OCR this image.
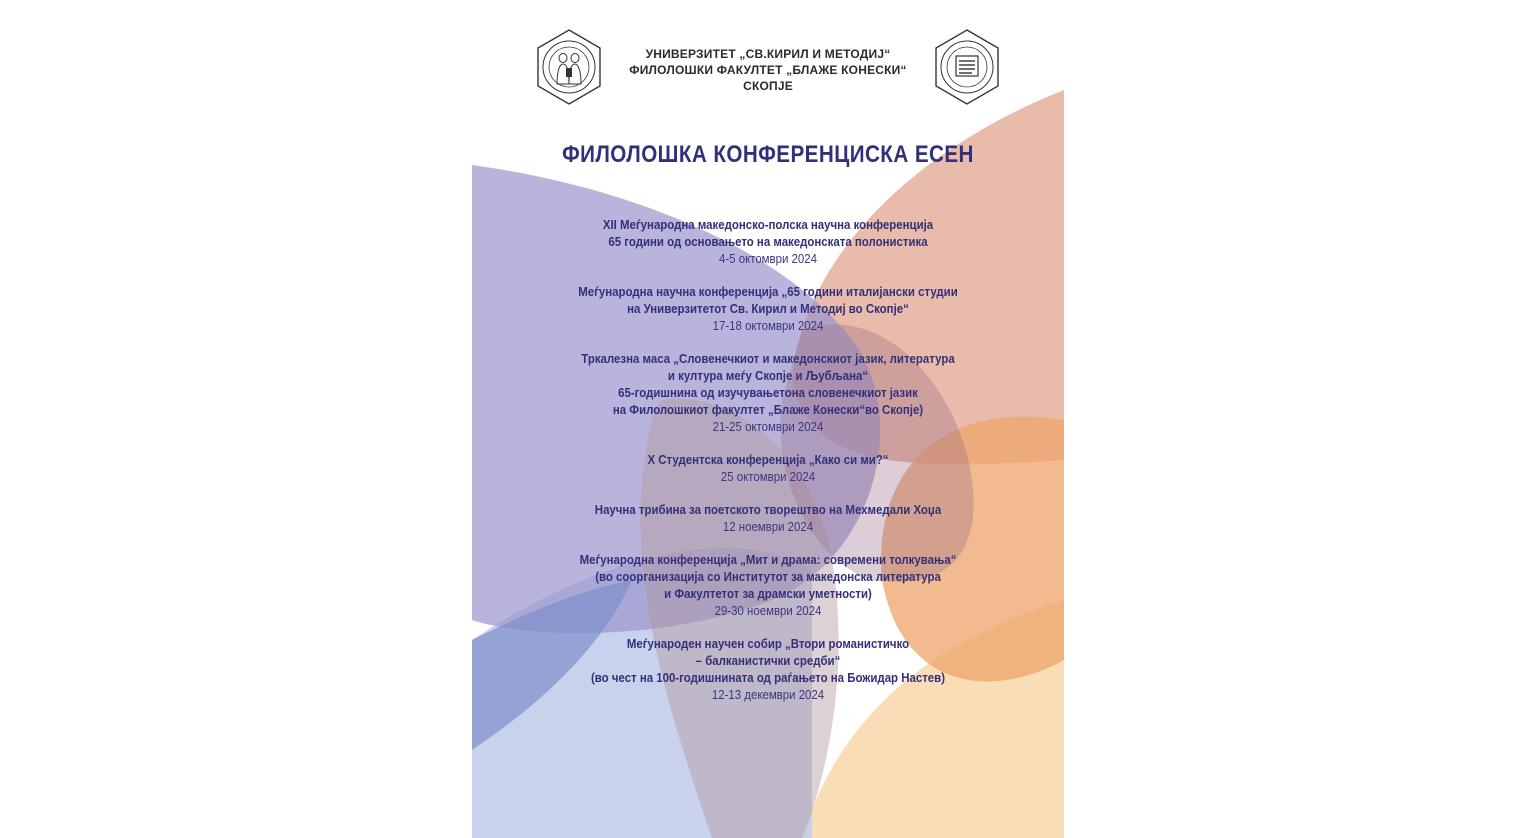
УНИВЕРЗИТЕТ „СВ.КИРИЛ И МЕТОДИЈ“
ФИЛОЛОШКИ ФАКУЛТЕТ „БЛАЖЕ КОНЕСКИ“
СКОПЈЕ
ФИЛОЛОШКА КОНФЕРЕНЦИСКА ЕСЕН
XII Меѓународна македонско-полска научна конференција
65 години од основањето на македонската полонистика
4-5 октомври 2024
Меѓународна научна конференција „65 години италијански студии
на Универзитетот Св. Кирил и Методиј во Скопје“
17-18 октомври 2024
Тркалезна маса „Словенечкиот и македонскиот јазик, литература
и култура меѓу Скопје и Љубљана“
65-годишнина од изучувањетона словенечкиот јазик
на Филолошкиот факултет „Блаже Конески“во Скопје)
21-25 октомври 2024
X Студентска конференција „Како си ми?“
25 октомври 2024
Научна трибина за поетското творештво на Мехмедали Хоџа
12 ноември 2024
Меѓународна конференција „Мит и драма: современи толкувања“
(во соорганизација со Институтот за македонска литература
и Факултетот за драмски уметности)
29-30 ноември 2024
Меѓународен научен собир „Втори романистичко
– балканистички средби“
(во чест на 100-годишнината од раѓањето на Божидар Настев)
12-13 декември 2024
